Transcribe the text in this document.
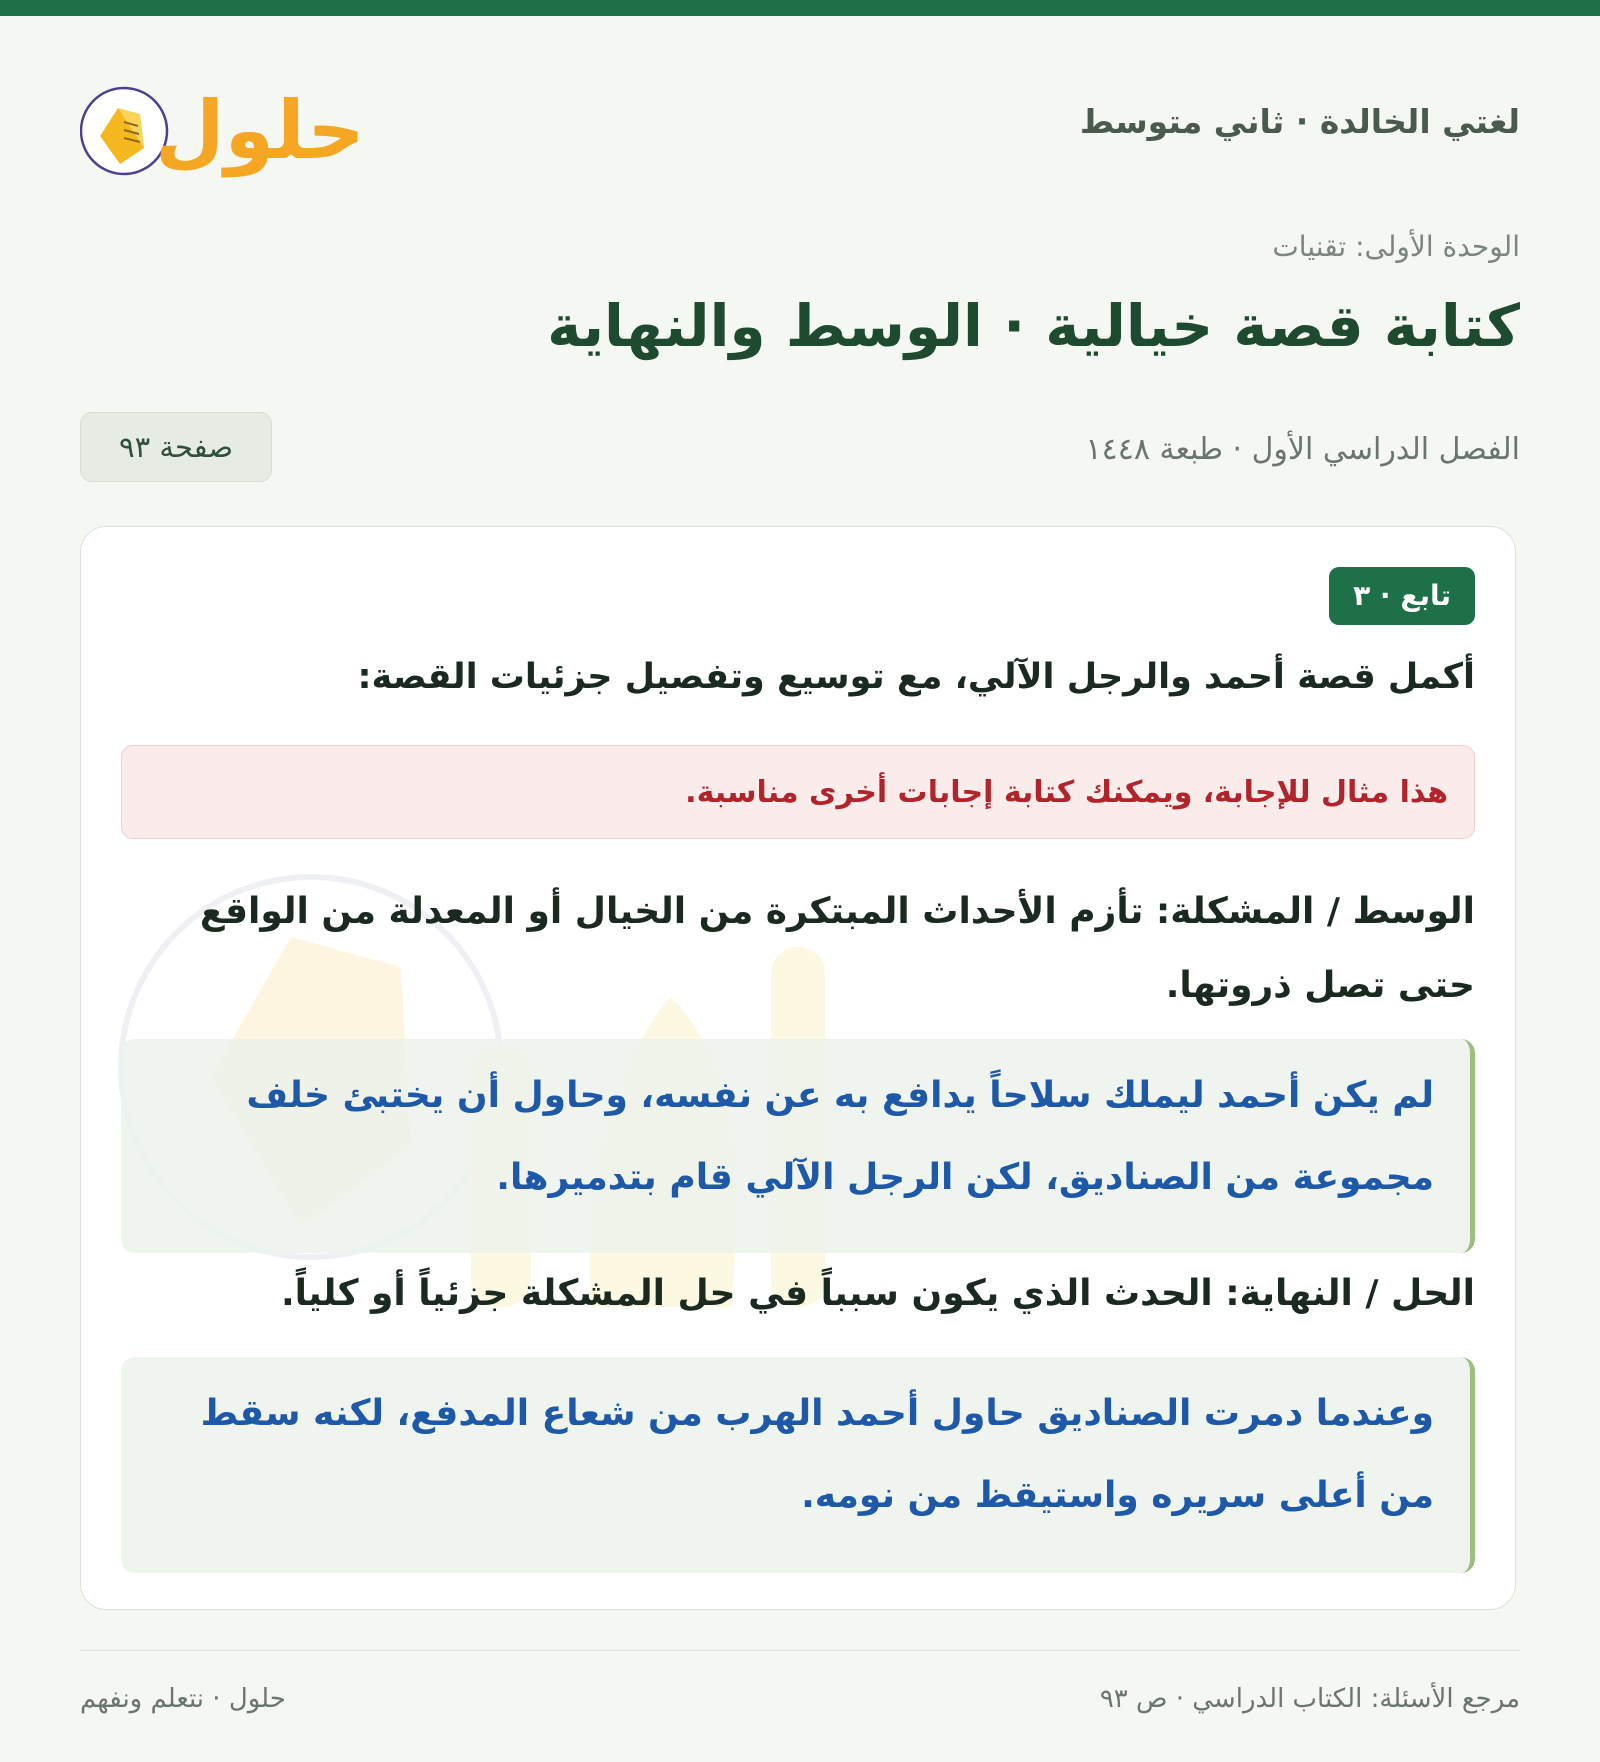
حلول	لغتي الخالدة · ثاني متوسط
الوحدة الأولى: تقنيات
كتابة قصة خيالية · الوسط والنهاية
الفصل الدراسي الأول · طبعة ١٤٤٨
صفحة ٩٣
تابع · ٣
أكمل قصة أحمد والرجل الآلي، مع توسيع وتفصيل جزئيات القصة:
هذا مثال للإجابة، ويمكنك كتابة إجابات أخرى مناسبة.
الوسط / المشكلة: تأزم الأحداث المبتكرة من الخيال أو المعدلة من الواقع حتى تصل ذروتها.
لم يكن أحمد ليملك سلاحاً يدافع به عن نفسه، وحاول أن يختبئ خلف مجموعة من الصناديق، لكن الرجل الآلي قام بتدميرها.
الحل / النهاية: الحدث الذي يكون سبباً في حل المشكلة جزئياً أو كلياً.
وعندما دمرت الصناديق حاول أحمد الهرب من شعاع المدفع، لكنه سقط من أعلى سريره واستيقظ من نومه.
مرجع الأسئلة: الكتاب الدراسي · ص ٩٣
حلول · نتعلم ونفهم
